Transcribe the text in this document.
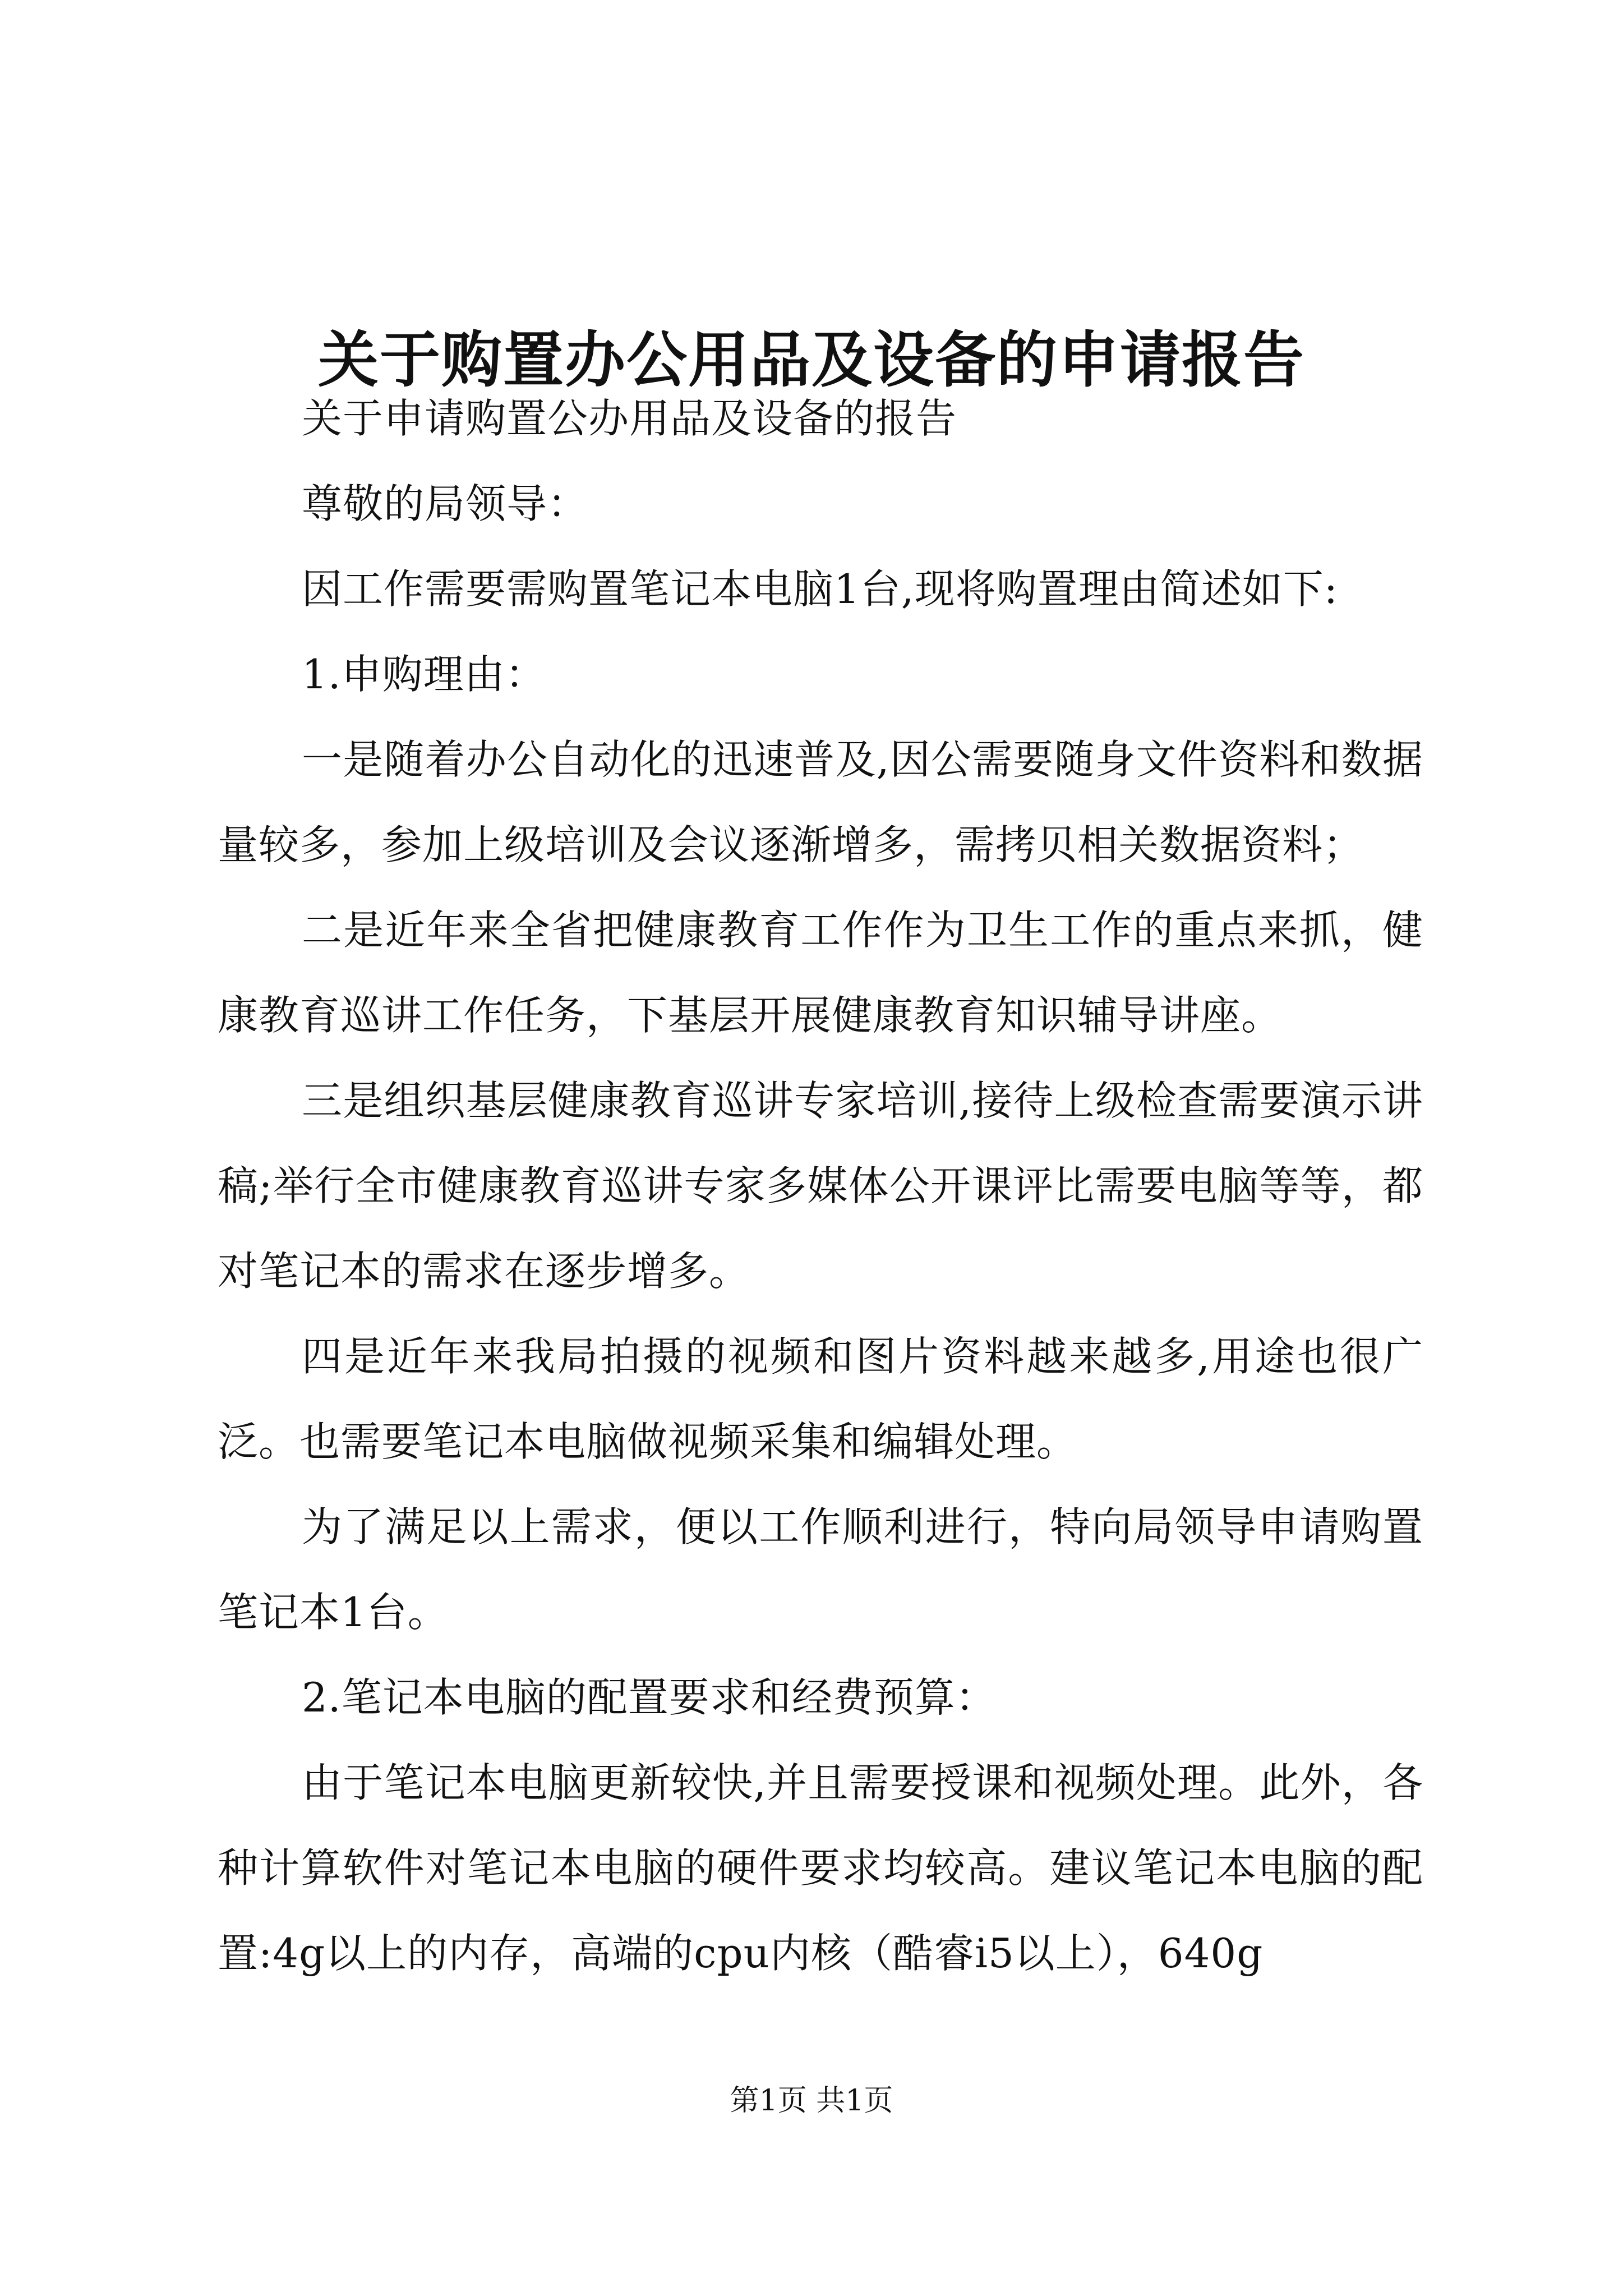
关于购置办公用品及设备的申请报告

关于申请购置公办用品及设备的报告

尊敬的局领导：

因工作需要需购置笔记本电脑1台,现将购置理由简述如下:

1.申购理由：

一是随着办公自动化的迅速普及,因公需要随身文件资料和数据量较多，参加上级培训及会议逐渐增多，需拷贝相关数据资料；

二是近年来全省把健康教育工作作为卫生工作的重点来抓，健康教育巡讲工作任务，下基层开展健康教育知识辅导讲座。

三是组织基层健康教育巡讲专家培训,接待上级检查需要演示讲稿;举行全市健康教育巡讲专家多媒体公开课评比需要电脑等等，都对笔记本的需求在逐步增多。

四是近年来我局拍摄的视频和图片资料越来越多,用途也很广泛。也需要笔记本电脑做视频采集和编辑处理。

为了满足以上需求，便以工作顺利进行，特向局领导申请购置笔记本1台。

2.笔记本电脑的配置要求和经费预算：

由于笔记本电脑更新较快,并且需要授课和视频处理。此外，各种计算软件对笔记本电脑的硬件要求均较高。建议笔记本电脑的配置:4g以上的内存，高端的cpu内核（酷睿i5以上），640g

第1页 共1页
